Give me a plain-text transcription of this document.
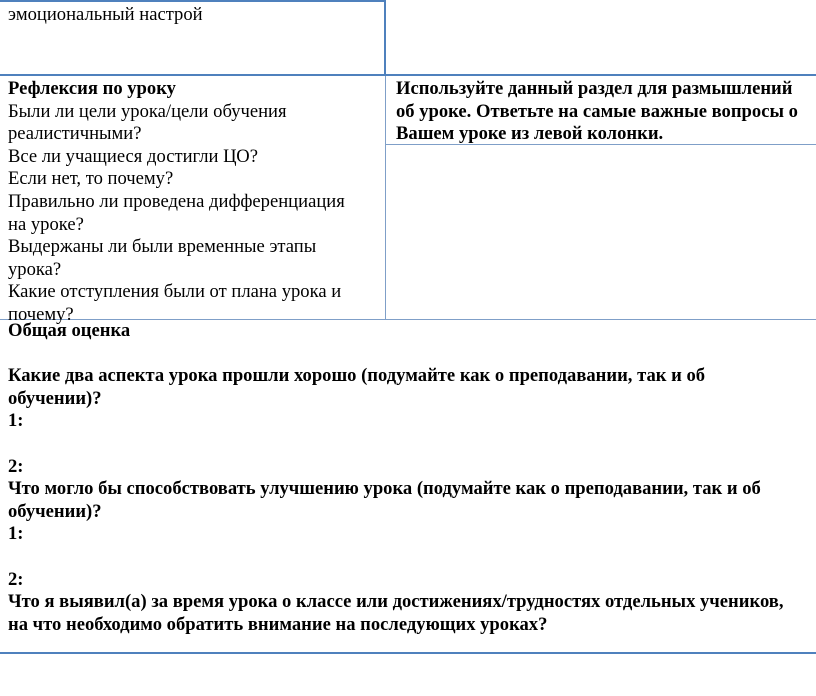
эмоциональный настрой

Рефлексия по уроку

Были ли цели урока/цели обучения

реалистичными?

Все ли учащиеся достигли ЦО?

Если нет, то почему?

Правильно ли проведена дифференциация

на уроке?

Выдержаны ли были временные этапы

урока?

Какие отступления были от плана урока и

почему?

Используйте данный раздел для размышлений

об уроке. Ответьте на самые важные вопросы о

Вашем уроке из левой колонки.

Общая оценка

Какие два аспекта урока прошли хорошо (подумайте как о преподавании, так и об

обучении)?

1:

2:

Что могло бы способствовать улучшению урока (подумайте как о преподавании, так и об

обучении)?

1:

2:

Что я выявил(а) за время урока о классе или достижениях/трудностях отдельных учеников,

на что необходимо обратить внимание на последующих уроках?
